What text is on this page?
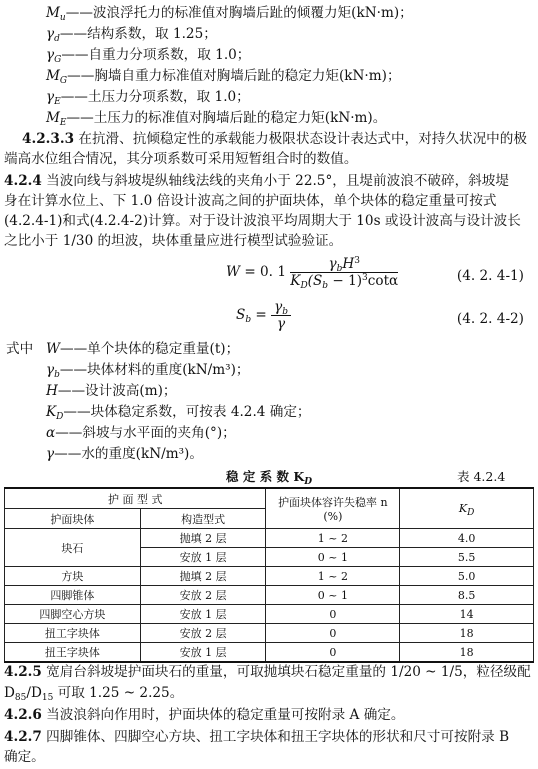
$M_u——$波浪浮托力的标准值对胸墙后趾的倾覆力矩(kN·m)；
$\gamma_d——$结构系数，取 1.25；
$\gamma_G——$自重力分项系数，取 1.0；
$M_G——$胸墙自重力标准值对胸墙后趾的稳定力矩(kN·m)；
$\gamma_E——$土压力分项系数，取 1.0；
$M_E——$土压力的标准值对胸墙后趾的稳定力矩(kN·m)。
4.2.3.3 在抗滑、抗倾稳定性的承载能力极限状态设计表达式中，对持久状况中的极
端高水位组合情况，其分项系数可采用短暂组合时的数值。
4.2.4 当波向线与斜坡堤纵轴线法线的夹角小于 22.5°，且堤前波浪不破碎，斜坡堤
身在计算水位上、下 1.0 倍设计波高之间的护面块体，单个块体的稳定重量可按式
(4.2.4-1)和式(4.2.4-2)计算。对于设计波浪平均周期大于 10s 或设计波高与设计波长
之比小于 1/30 的坦波，块体重量应进行模型试验验证。
W = 0. $1 \frac{\gamma_bH^3}{K_D(S_b - 1)^3\cot\alpha}$	(4. 2. 4-1)
$S_b = \frac{\gamma_b}{\gamma}$	(4. 2. 4-2)
式中 W——单个块体的稳定重量(t)；
$\gamma_b——$块体材料的重度(kN/m³)；
H——设计波高(m)；
$K_D——$块体稳定系数，可按表 4.2.4 确定；
α——斜坡与水平面的夹角(°)；
γ——水的重度(kN/m³)。
稳 定 系 数 $K_D$	表 4.2.4
护 面 型 式		护面块体容许失稳率 n
(%)	$K_D$
护面块体	构造型式		
块石	抛填 2 层	1 ~ 2	4.0
	安放 1 层	0 ~ 1	5.5
方块	抛填 2 层	1 ~ 2	5.0
四脚锥体	安放 2 层	0 ~ 1	8.5
四脚空心方块	安放 1 层	0	14
扭工字块体	安放 2 层	0	18
扭王字块体	安放 1 层	0	18
4.2.5 宽肩台斜坡堤护面块石的重量，可取抛填块石稳定重量的 1/20 ~ 1/5，粒径级配
$D_{85}/D_{15}$ 可取 1.25 ~ 2.25。
4.2.6 当波浪斜向作用时，护面块体的稳定重量可按附录 A 确定。
4.2.7 四脚锥体、四脚空心方块、扭工字块体和扭王字块体的形状和尺寸可按附录 B
确定。
